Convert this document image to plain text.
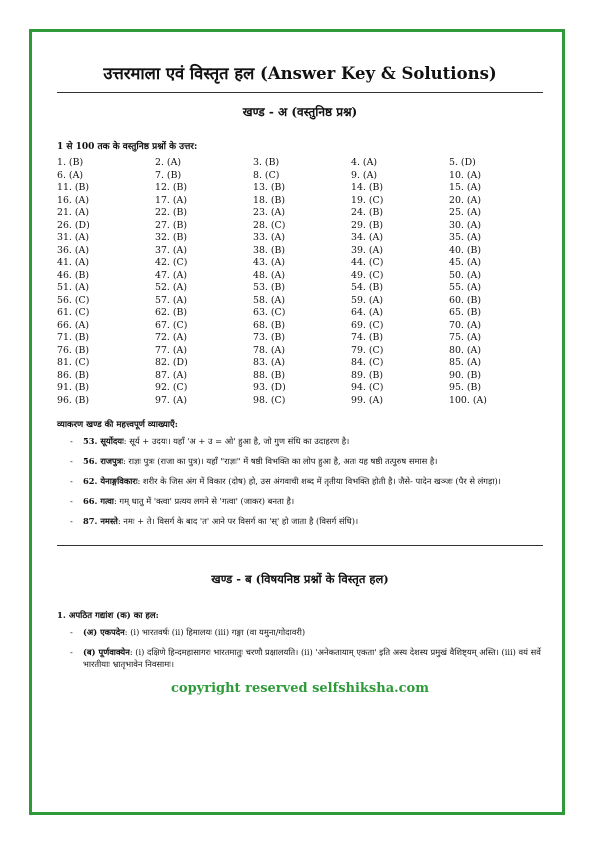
उत्तरमाला एवं विस्तृत हल (Answer Key & Solutions)
खण्ड - अ (वस्तुनिष्ठ प्रश्न)
1 से 100 तक के वस्तुनिष्ठ प्रश्नों के उत्तर:
1. (B)	2. (A)	3. (B)	4. (A)	5. (D)
6. (A)	7. (B)	8. (C)	9. (A)	10. (A)
11. (B)	12. (B)	13. (B)	14. (B)	15. (A)
16. (A)	17. (A)	18. (B)	19. (C)	20. (A)
21. (A)	22. (B)	23. (A)	24. (B)	25. (A)
26. (D)	27. (B)	28. (C)	29. (B)	30. (A)
31. (A)	32. (B)	33. (A)	34. (A)	35. (A)
36. (A)	37. (A)	38. (B)	39. (A)	40. (B)
41. (A)	42. (C)	43. (A)	44. (C)	45. (A)
46. (B)	47. (A)	48. (A)	49. (C)	50. (A)
51. (A)	52. (A)	53. (B)	54. (B)	55. (A)
56. (C)	57. (A)	58. (A)	59. (A)	60. (B)
61. (C)	62. (B)	63. (C)	64. (A)	65. (B)
66. (A)	67. (C)	68. (B)	69. (C)	70. (A)
71. (B)	72. (A)	73. (B)	74. (B)	75. (A)
76. (B)	77. (A)	78. (A)	79. (C)	80. (A)
81. (C)	82. (D)	83. (A)	84. (C)	85. (A)
86. (B)	87. (A)	88. (B)	89. (B)	90. (B)
91. (B)	92. (C)	93. (D)	94. (C)	95. (B)
96. (B)	97. (A)	98. (C)	99. (A)	100. (A)
व्याकरण खण्ड की महत्त्वपूर्ण व्याख्याएँ:
- 53. सूर्योदयः: सूर्य + उदयः। यहाँ 'अ + उ = ओ' हुआ है, जो गुण संधि का उदाहरण है।
- 56. राजपुत्रः: राज्ञः पुत्रः (राजा का पुत्र)। यहाँ "राज्ञः" में षष्ठी विभक्ति का लोप हुआ है, अतः यह षष्ठी तत्पुरुष समास है।
- 62. येनाङ्गविकारः: शरीर के जिस अंग में विकार (दोष) हो, उस अंगवाची शब्द में तृतीया विभक्ति होती है। जैसे- पादेन खञ्जः (पैर से लंगड़ा)।
- 66. गत्वा: गम् धातु में 'क्त्वा' प्रत्यय लगने से 'गत्वा' (जाकर) बनता है।
- 87. नमस्ते: नमः + ते। विसर्ग के बाद 'त' आने पर विसर्ग का 'स्' हो जाता है (विसर्ग संधि)।
खण्ड - ब (विषयनिष्ठ प्रश्नों के विस्तृत हल)
1. अपठित गद्यांश (क) का हल:
- (अ) एकपदेन: (i) भारतवर्षः (ii) हिमालयः (iii) गङ्गा (वा यमुना/गोदावरी)
- (ब) पूर्णवाक्येन: (i) दक्षिणे हिन्दमहासागरः भारतमातुः चरणौ प्रक्षालयति। (ii) 'अनेकतायाम् एकता' इति अस्य देशस्य प्रमुखं वैशिष्ट्यम् अस्ति। (iii) वयं सर्वे भारतीयाः भ्रातृभावेन निवसामः।
copyright reserved selfshiksha.com
